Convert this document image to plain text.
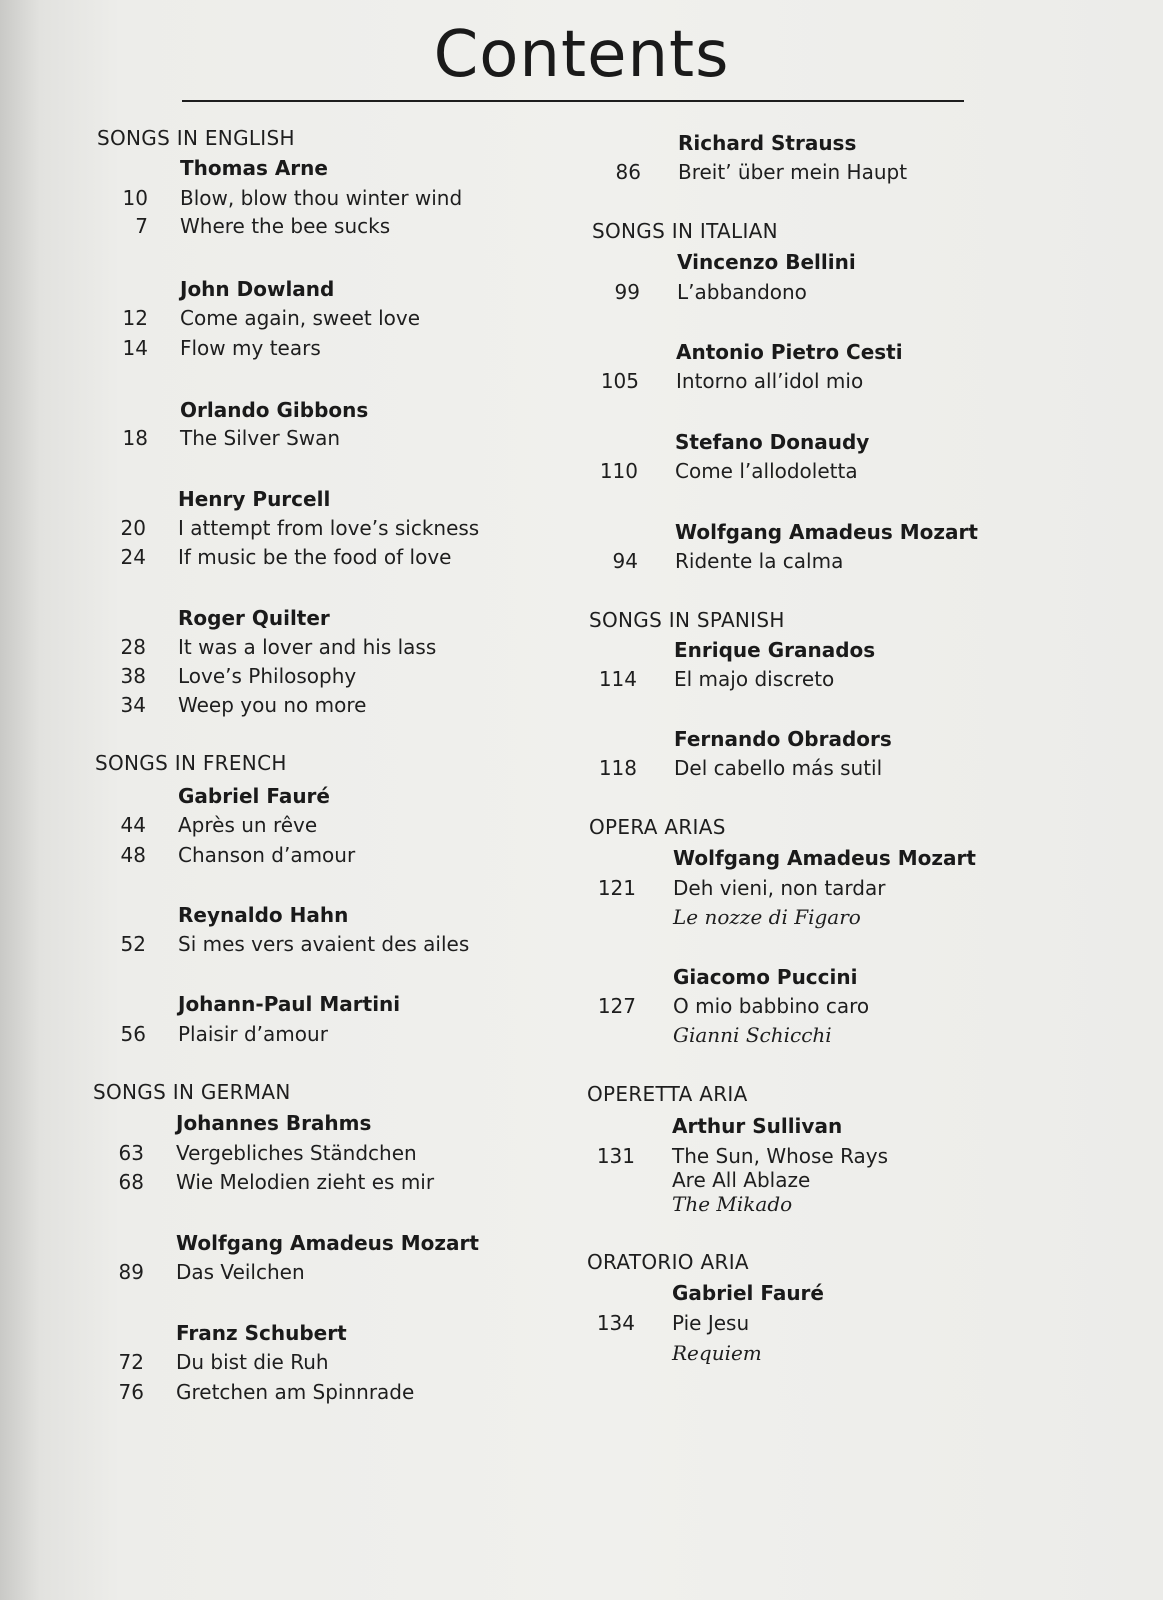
Contents
SONGS IN ENGLISH
Thomas Arne
10 Blow, blow thou winter wind
7 Where the bee sucks
John Dowland
12 Come again, sweet love
14 Flow my tears
Orlando Gibbons
18 The Silver Swan
Henry Purcell
20 I attempt from love’s sickness
24 If music be the food of love
Roger Quilter
28 It was a lover and his lass
38 Love’s Philosophy
34 Weep you no more
SONGS IN FRENCH
Gabriel Fauré
44 Après un rêve
48 Chanson d’amour
Reynaldo Hahn
52 Si mes vers avaient des ailes
Johann-Paul Martini
56 Plaisir d’amour
SONGS IN GERMAN
Johannes Brahms
63 Vergebliches Ständchen
68 Wie Melodien zieht es mir
Wolfgang Amadeus Mozart
89 Das Veilchen
Franz Schubert
72 Du bist die Ruh
76 Gretchen am Spinnrade
Richard Strauss
86 Breit’ über mein Haupt
SONGS IN ITALIAN
Vincenzo Bellini
99 L’abbandono
Antonio Pietro Cesti
105 Intorno all’idol mio
Stefano Donaudy
110 Come l’allodoletta
Wolfgang Amadeus Mozart
94 Ridente la calma
SONGS IN SPANISH
Enrique Granados
114 El majo discreto
Fernando Obradors
118 Del cabello más sutil
OPERA ARIAS
Wolfgang Amadeus Mozart
121 Deh vieni, non tardar
Le nozze di Figaro
Giacomo Puccini
127 O mio babbino caro
Gianni Schicchi
OPERETTA ARIA
Arthur Sullivan
131 The Sun, Whose Rays
Are All Ablaze
The Mikado
ORATORIO ARIA
Gabriel Fauré
134 Pie Jesu
Requiem
